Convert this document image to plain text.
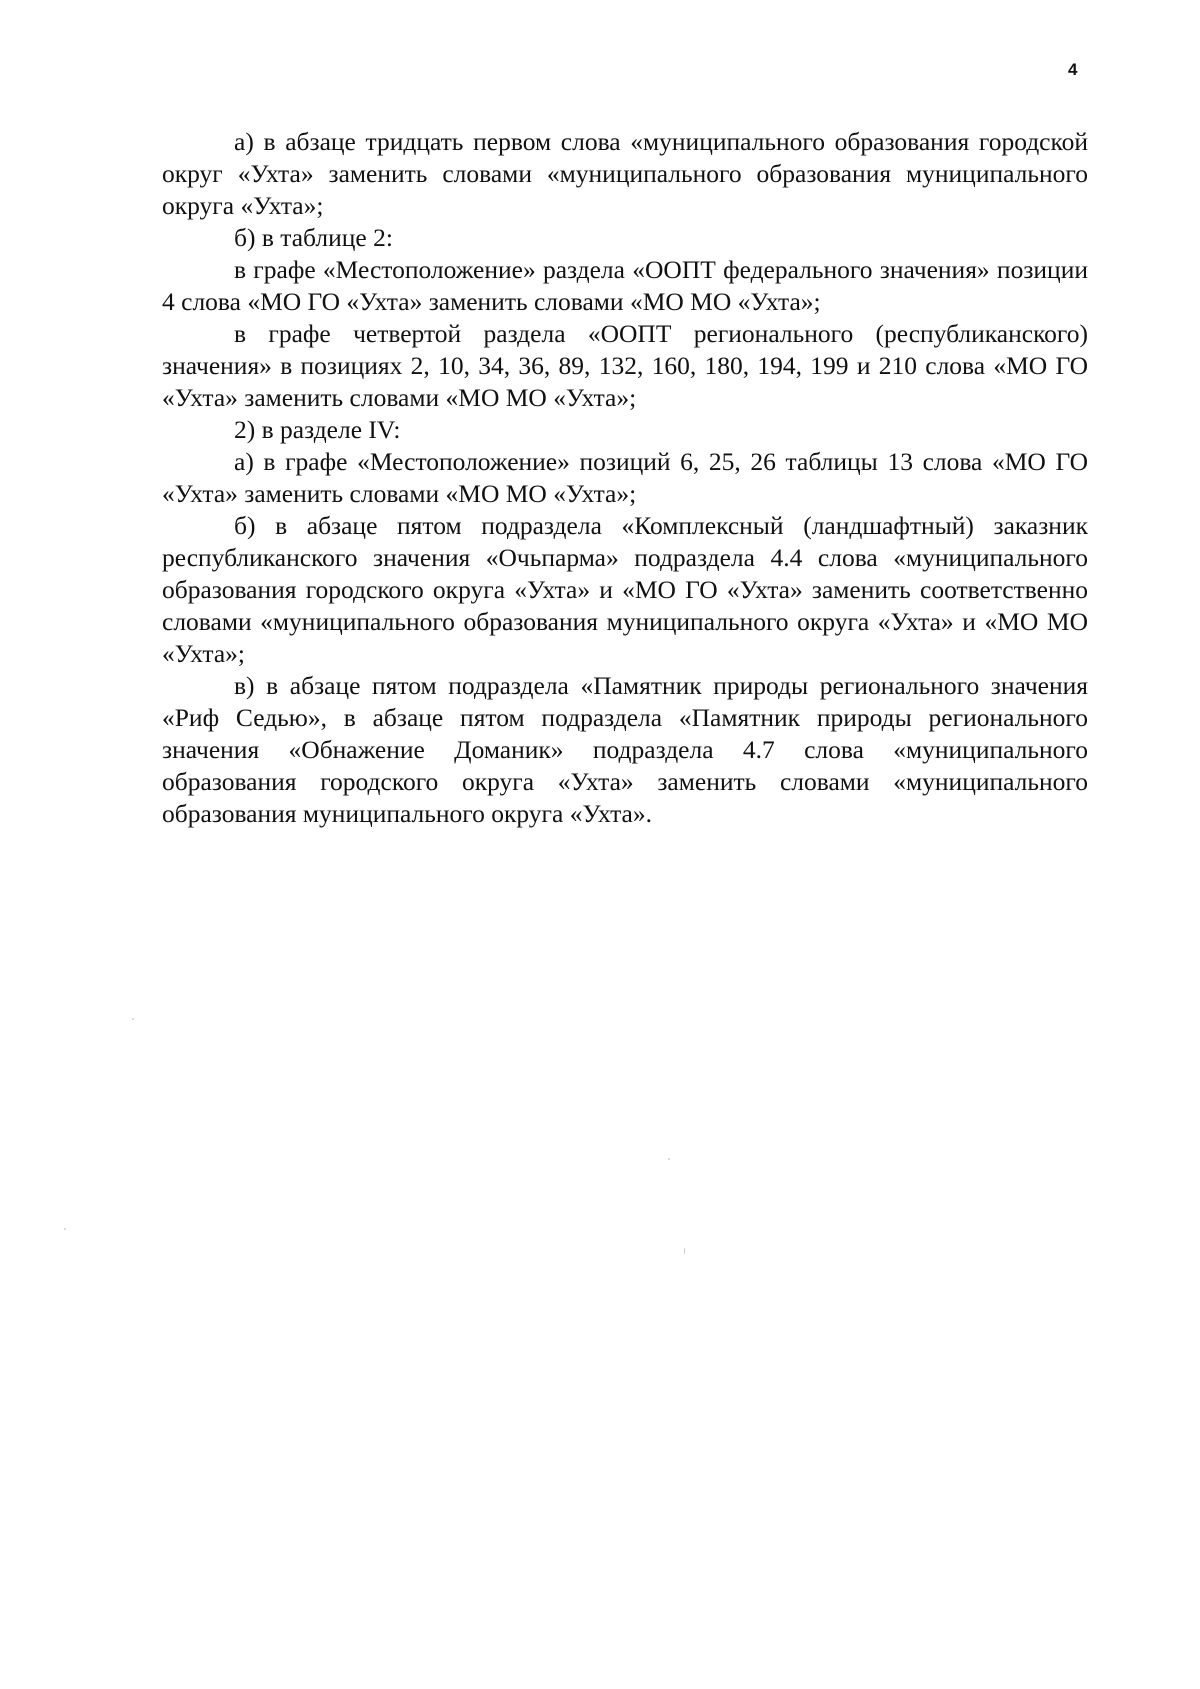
4

а) в абзаце тридцать первом слова «муниципального образования городской округ «Ухта» заменить словами «муниципального образования муниципального округа «Ухта»;

б) в таблице 2:

в графе «Местоположение» раздела «ООПТ федерального значения» позиции 4 слова «МО ГО «Ухта» заменить словами «МО МО «Ухта»;

в графе четвертой раздела «ООПТ регионального (республиканского) значения» в позициях 2, 10, 34, 36, 89, 132, 160, 180, 194, 199 и 210 слова «МО ГО «Ухта» заменить словами «МО МО «Ухта»;

2) в разделе IV:

а) в графе «Местоположение» позиций 6, 25, 26 таблицы 13 слова «МО ГО «Ухта» заменить словами «МО МО «Ухта»;

б) в абзаце пятом подраздела «Комплексный (ландшафтный) заказник республиканского значения «Очьпарма» подраздела 4.4 слова «муниципального образования городского округа «Ухта» и «МО ГО «Ухта» заменить соответственно словами «муниципального образования муниципального округа «Ухта» и «МО МО «Ухта»;

в) в абзаце пятом подраздела «Памятник природы регионального значения «Риф Седью», в абзаце пятом подраздела «Памятник природы регионального значения «Обнажение Доманик» подраздела 4.7 слова «муниципального образования городского округа «Ухта» заменить словами «муниципального образования муниципального округа «Ухта».
